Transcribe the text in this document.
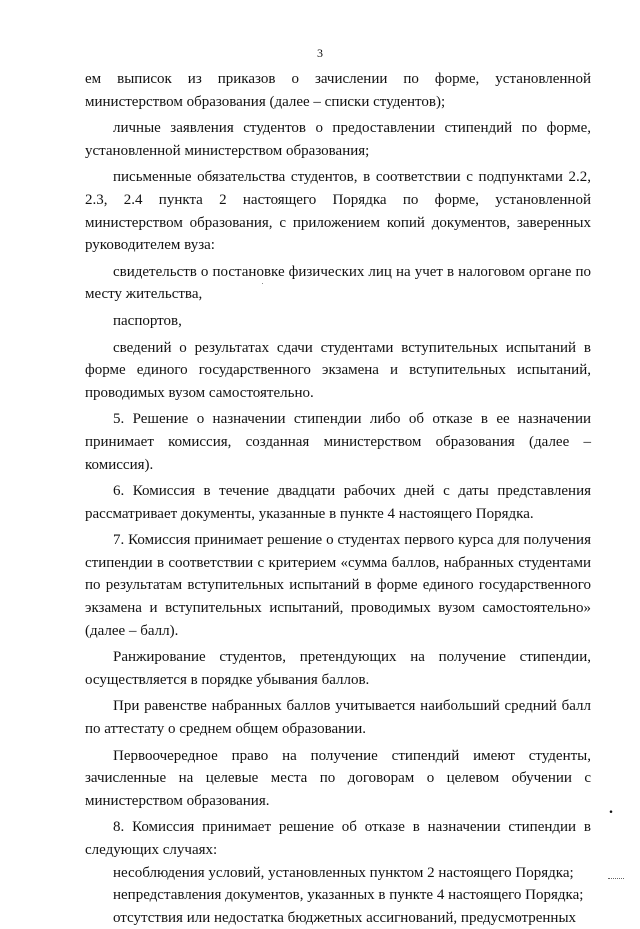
3

ем выписок из приказов о зачислении по форме, установленной министерством образования (далее – списки студентов);

личные заявления студентов о предоставлении стипендий по форме, установленной министерством образования;

письменные обязательства студентов, в соответствии с подпунктами 2.2, 2.3, 2.4 пункта 2 настоящего Порядка по форме, установленной министерством образования, с приложением копий документов, заверенных руководителем вуза:

свидетельств о постановке физических лиц на учет в налоговом органе по месту жительства,

паспортов,

сведений о результатах сдачи студентами вступительных испытаний в форме единого государственного экзамена и вступительных испытаний, проводимых вузом самостоятельно.

5. Решение о назначении стипендии либо об отказе в ее назначении принимает комиссия, созданная министерством образования (далее – комиссия).

6. Комиссия в течение двадцати рабочих дней с даты представления рассматривает документы, указанные в пункте 4 настоящего Порядка.

7. Комиссия принимает решение о студентах первого курса для получения стипендии в соответствии с критерием «сумма баллов, набранных студентами по результатам вступительных испытаний в форме единого государственного экзамена и вступительных испытаний, проводимых вузом самостоятельно» (далее – балл).

Ранжирование студентов, претендующих на получение стипендии, осуществляется в порядке убывания баллов.

При равенстве набранных баллов учитывается наибольший средний балл по аттестату о среднем общем образовании.

Первоочередное право на получение стипендий имеют студенты, зачисленные на целевые места по договорам о целевом обучении с министерством образования.

8. Комиссия принимает решение об отказе в назначении стипендии в следующих случаях:

несоблюдения условий, установленных пунктом 2 настоящего Порядка;

непредставления документов, указанных в пункте 4 настоящего Порядка;

отсутствия или недостатка бюджетных ассигнований, предусмотренных

.
